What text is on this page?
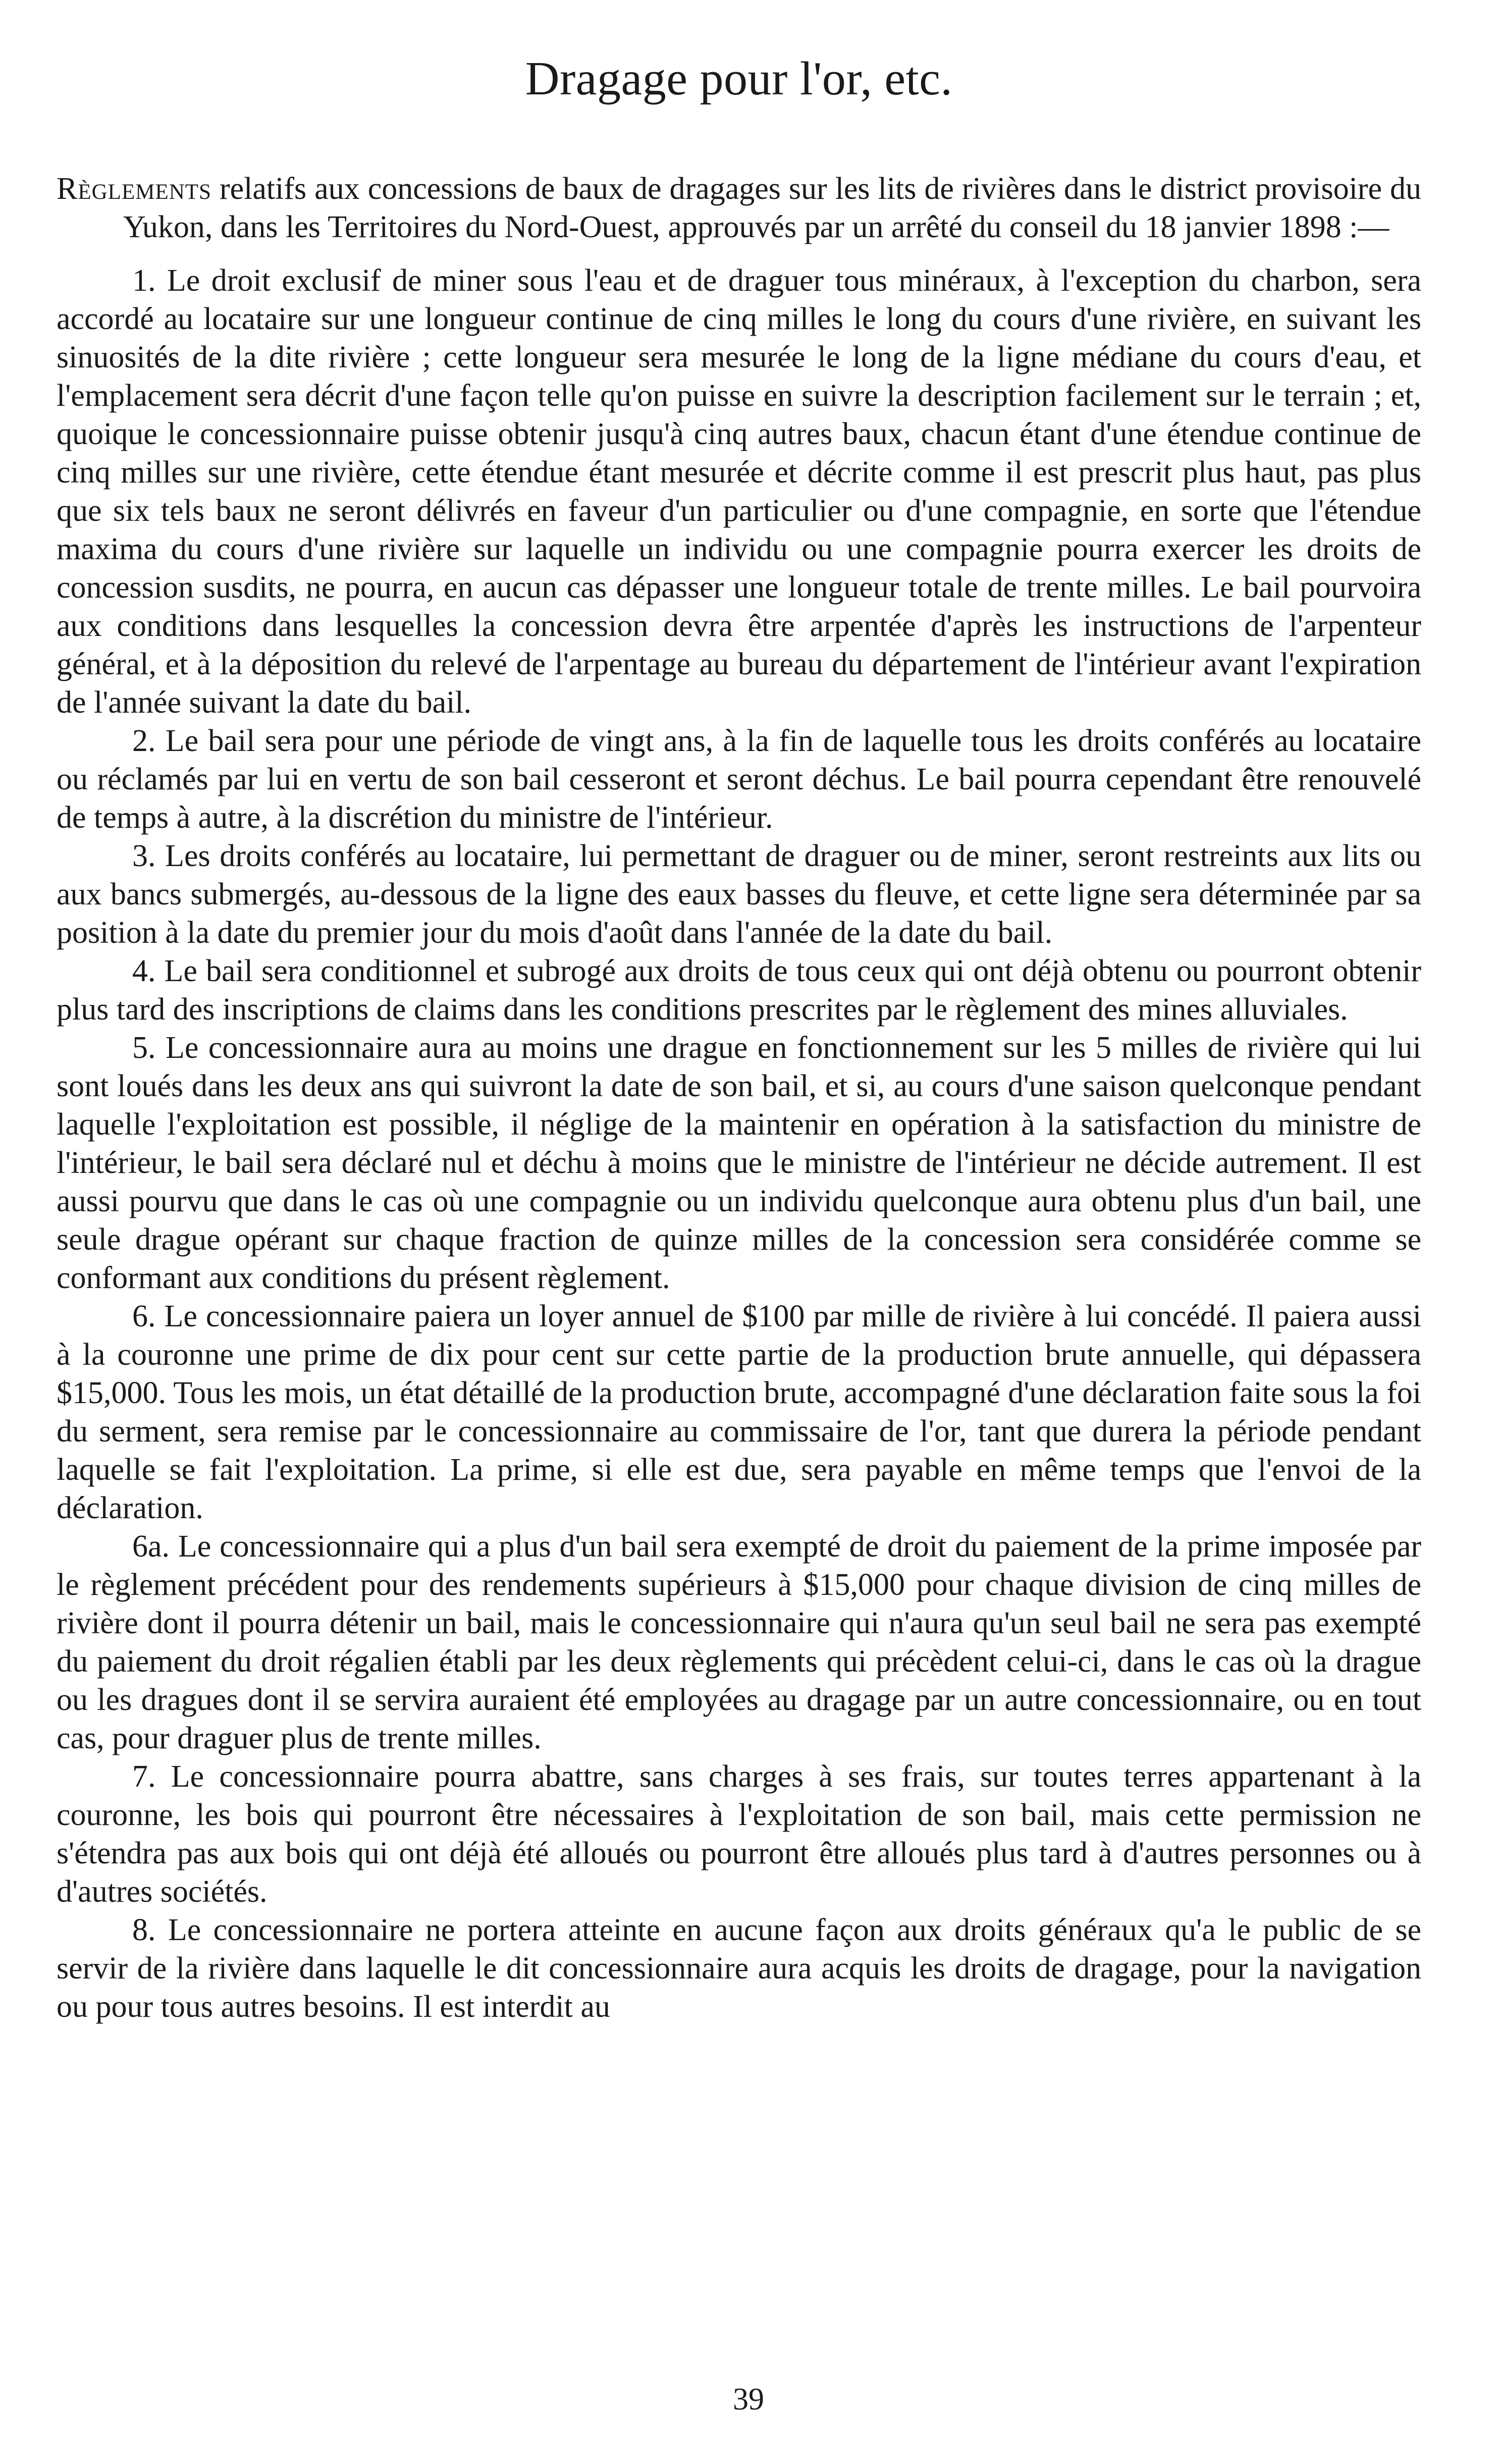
Dragage pour l'or, etc.

Règlements relatifs aux concessions de baux de dragages sur les lits de rivières dans le district provisoire du Yukon, dans les Territoires du Nord-Ouest, approuvés par un arrêté du conseil du 18 janvier 1898 :—

1. Le droit exclusif de miner sous l'eau et de draguer tous minéraux, à l'exception du charbon, sera accordé au locataire sur une longueur continue de cinq milles le long du cours d'une rivière, en suivant les sinuosités de la dite rivière ; cette longueur sera mesurée le long de la ligne médiane du cours d'eau, et l'emplacement sera décrit d'une façon telle qu'on puisse en suivre la description facilement sur le terrain ; et, quoique le concessionnaire puisse obtenir jusqu'à cinq autres baux, chacun étant d'une étendue continue de cinq milles sur une rivière, cette étendue étant mesurée et décrite comme il est prescrit plus haut, pas plus que six tels baux ne seront délivrés en faveur d'un particulier ou d'une compagnie, en sorte que l'étendue maxima du cours d'une rivière sur laquelle un individu ou une compagnie pourra exercer les droits de concession susdits, ne pourra, en aucun cas dépasser une longueur totale de trente milles. Le bail pourvoira aux conditions dans lesquelles la concession devra être arpentée d'après les instructions de l'arpenteur général, et à la déposition du relevé de l'arpentage au bureau du département de l'intérieur avant l'expiration de l'année suivant la date du bail.

2. Le bail sera pour une période de vingt ans, à la fin de laquelle tous les droits conférés au locataire ou réclamés par lui en vertu de son bail cesseront et seront déchus. Le bail pourra cependant être renouvelé de temps à autre, à la discrétion du ministre de l'intérieur.

3. Les droits conférés au locataire, lui permettant de draguer ou de miner, seront restreints aux lits ou aux bancs submergés, au-dessous de la ligne des eaux basses du fleuve, et cette ligne sera déterminée par sa position à la date du premier jour du mois d'août dans l'année de la date du bail.

4. Le bail sera conditionnel et subrogé aux droits de tous ceux qui ont déjà obtenu ou pourront obtenir plus tard des inscriptions de claims dans les conditions prescrites par le règlement des mines alluviales.

5. Le concessionnaire aura au moins une drague en fonctionnement sur les 5 milles de rivière qui lui sont loués dans les deux ans qui suivront la date de son bail, et si, au cours d'une saison quelconque pendant laquelle l'exploitation est possible, il néglige de la maintenir en opération à la satisfaction du ministre de l'intérieur, le bail sera déclaré nul et déchu à moins que le ministre de l'intérieur ne décide autrement. Il est aussi pourvu que dans le cas où une compagnie ou un individu quelconque aura obtenu plus d'un bail, une seule drague opérant sur chaque fraction de quinze milles de la concession sera considérée comme se conformant aux conditions du présent règlement.

6. Le concessionnaire paiera un loyer annuel de $100 par mille de rivière à lui concédé. Il paiera aussi à la couronne une prime de dix pour cent sur cette partie de la production brute annuelle, qui dépassera $15,000. Tous les mois, un état détaillé de la production brute, accompagné d'une déclaration faite sous la foi du serment, sera remise par le concessionnaire au commissaire de l'or, tant que durera la période pendant laquelle se fait l'exploitation. La prime, si elle est due, sera payable en même temps que l'envoi de la déclaration.

6a. Le concessionnaire qui a plus d'un bail sera exempté de droit du paiement de la prime imposée par le règlement précédent pour des rendements supérieurs à $15,000 pour chaque division de cinq milles de rivière dont il pourra détenir un bail, mais le concessionnaire qui n'aura qu'un seul bail ne sera pas exempté du paiement du droit régalien établi par les deux règlements qui précèdent celui-ci, dans le cas où la drague ou les dragues dont il se servira auraient été employées au dragage par un autre concessionnaire, ou en tout cas, pour draguer plus de trente milles.

7. Le concessionnaire pourra abattre, sans charges à ses frais, sur toutes terres appartenant à la couronne, les bois qui pourront être nécessaires à l'exploitation de son bail, mais cette permission ne s'étendra pas aux bois qui ont déjà été alloués ou pourront être alloués plus tard à d'autres personnes ou à d'autres sociétés.

8. Le concessionnaire ne portera atteinte en aucune façon aux droits généraux qu'a le public de se servir de la rivière dans laquelle le dit concessionnaire aura acquis les droits de dragage, pour la navigation ou pour tous autres besoins. Il est interdit au

39
